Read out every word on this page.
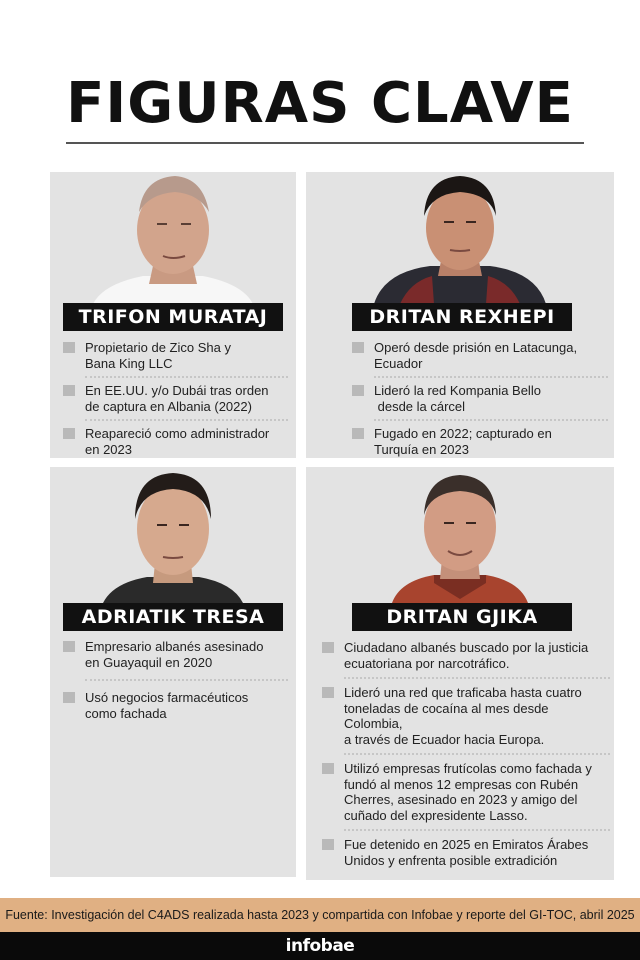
FIGURAS CLAVE
TRIFON MURATAJ
Propietario de Zico Sha y
Bana King LLC
En EE.UU. y/o Dubái tras orden
de captura en Albania (2022)
Reapareció como administrador
en 2023
DRITAN REXHEPI
Operó desde prisión en Latacunga,
Ecuador
Lideró la red Kompania Bello
desde la cárcel
Fugado en 2022; capturado en
Turquía en 2023
ADRIATIK TRESA
Empresario albanés asesinado
en Guayaquil en 2020
Usó negocios farmacéuticos
como fachada
DRITAN GJIKA
Ciudadano albanés buscado por la justicia
ecuatoriana por narcotráfico.
Lideró una red que traficaba hasta cuatro
toneladas de cocaína al mes desde Colombia,
a través de Ecuador hacia Europa.
Utilizó empresas frutícolas como fachada y
fundó al menos 12 empresas con Rubén
Cherres, asesinado en 2023 y amigo del
cuñado del expresidente Lasso.
Fue detenido en 2025 en Emiratos Árabes
Unidos y enfrenta posible extradición
Fuente: Investigación del C4ADS realizada hasta 2023 y compartida con Infobae y reporte del GI-TOC, abril 2025
infobae
